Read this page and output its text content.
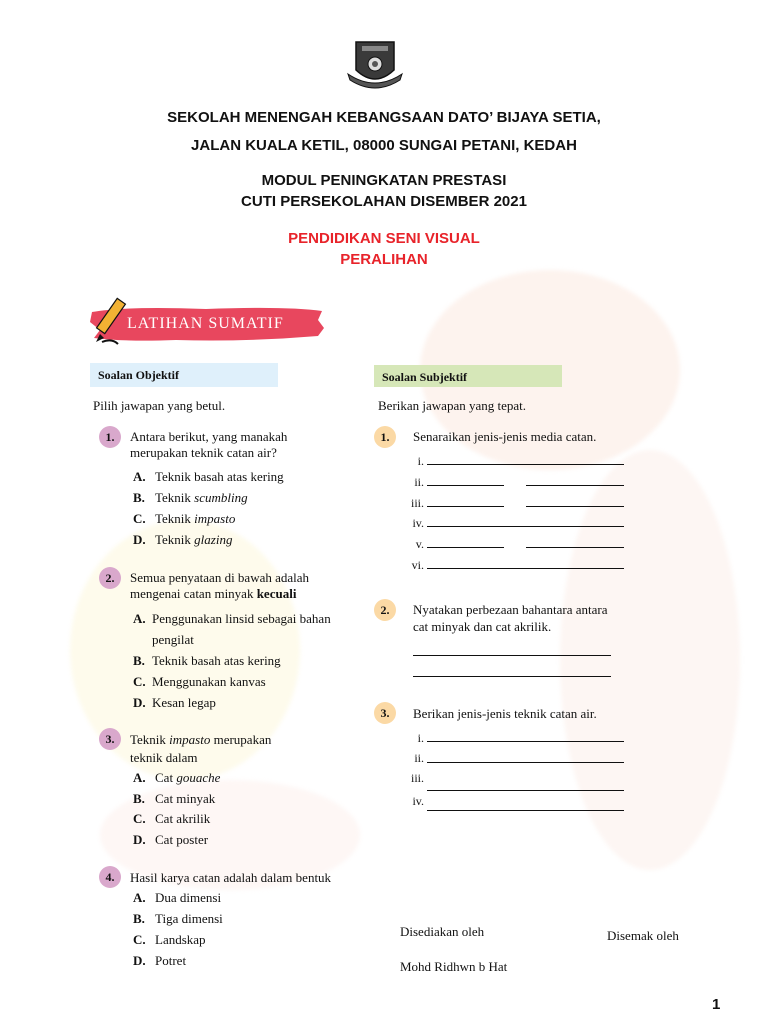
SEKOLAH MENENGAH KEBANGSAAN DATO’ BIJAYA SETIA,
JALAN KUALA KETIL, 08000 SUNGAI PETANI, KEDAH
MODUL PENINGKATAN PRESTASI
CUTI PERSEKOLAHAN DISEMBER 2021
PENDIDIKAN SENI VISUAL
PERALIHAN
LATIHAN SUMATIF
Soalan Objektif
Pilih jawapan yang betul.
1.	Antara berikut, yang manakah
merupakan teknik catan air?
A. Teknik basah atas kering
B. Teknik scumbling
C. Teknik impasto
D. Teknik glazing
2.	Semua penyataan di bawah adalah
mengenai catan minyak kecuali
A. Penggunakan linsid sebagai bahan
pengilat
B. Teknik basah atas kering
C. Menggunakan kanvas
D. Kesan legap
3.	Teknik impasto merupakan
teknik dalam
A. Cat gouache
B. Cat minyak
C. Cat akrilik
D. Cat poster
4.	Hasil karya catan adalah dalam bentuk
A. Dua dimensi
B. Tiga dimensi
C. Landskap
D. Potret
Soalan Subjektif
Berikan jawapan yang tepat.
1.	Senaraikan jenis-jenis media catan.
i.
ii.
iii.
iv.
v.
vi.
2.	Nyatakan perbezaan bahantara antara
cat minyak dan cat akrilik.
3.	Berikan jenis-jenis teknik catan air.
i.
ii.
iii.
iv.
Disediakan oleh	Disemak oleh
Mohd Ridhwn b Hat
1
